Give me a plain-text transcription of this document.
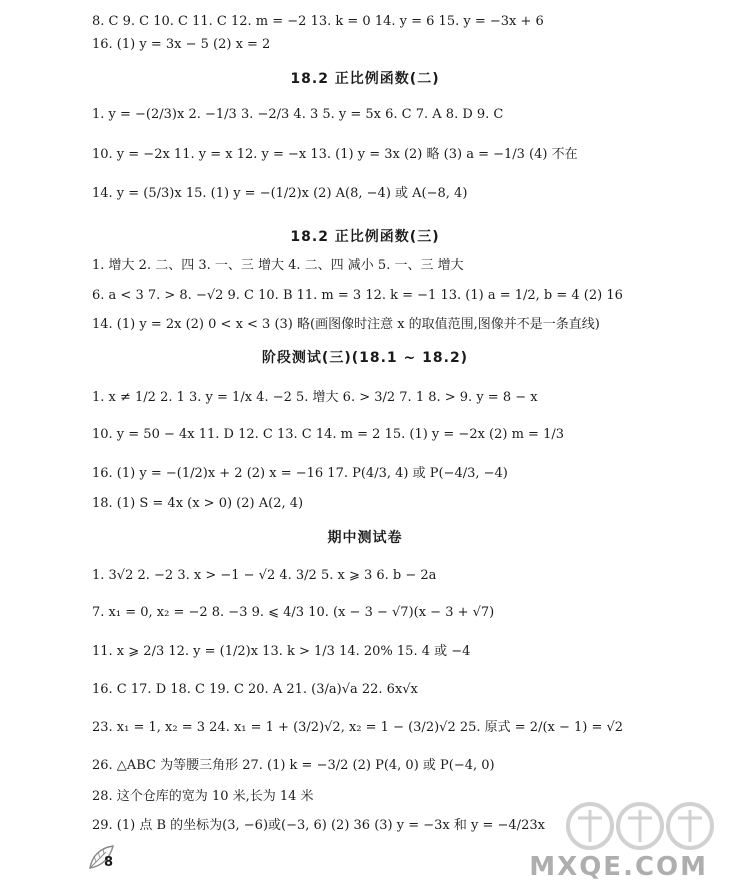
8. C 9. C 10. C 11. C 12. m = −2 13. k = 0 14. y = 6 15. y = −3x + 6
16. (1) y = 3x − 5 (2) x = 2
18.2 正比例函数(二)
1. y = −(2/3)x 2. −1/3 3. −2/3 4. 3 5. y = 5x 6. C 7. A 8. D 9. C
10. y = −2x 11. y = x 12. y = −x 13. (1) y = 3x (2) 略 (3) a = −1/3 (4) 不在
14. y = (5/3)x 15. (1) y = −(1/2)x (2) A(8, −4) 或 A(−8, 4)
18.2 正比例函数(三)
1. 增大 2. 二、四 3. 一、三 增大 4. 二、四 减小 5. 一、三 增大
6. a < 3 7. > 8. −√2 9. C 10. B 11. m = 3 12. k = −1 13. (1) a = 1/2, b = 4 (2) 16
14. (1) y = 2x (2) 0 < x < 3 (3) 略(画图像时注意 x 的取值范围,图像并不是一条直线)
阶段测试(三)(18.1 ~ 18.2)
1. x ≠ 1/2 2. 1 3. y = 1/x 4. −2 5. 增大 6. > 3/2 7. 1 8. > 9. y = 8 − x
10. y = 50 − 4x 11. D 12. C 13. C 14. m = 2 15. (1) y = −2x (2) m = 1/3
16. (1) y = −(1/2)x + 2 (2) x = −16 17. P(4/3, 4) 或 P(−4/3, −4)
18. (1) S = 4x (x > 0) (2) A(2, 4)
期中测试卷
1. 3√2 2. −2 3. x > −1 − √2 4. 3/2 5. x ⩾ 3 6. b − 2a
7. x₁ = 0, x₂ = −2 8. −3 9. ⩽ 4/3 10. (x − 3 − √7)(x − 3 + √7)
11. x ⩾ 2/3 12. y = (1/2)x 13. k > 1/3 14. 20% 15. 4 或 −4
16. C 17. D 18. C 19. C 20. A 21. (3/a)√a 22. 6x√x
23. x₁ = 1, x₂ = 3 24. x₁ = 1 + (3/2)√2, x₂ = 1 − (3/2)√2 25. 原式 = 2/(x − 1) = √2
26. △ABC 为等腰三角形 27. (1) k = −3/2 (2) P(4, 0) 或 P(−4, 0)
28. 这个仓库的宽为 10 米,长为 14 米
29. (1) 点 B 的坐标为(3, −6)或(−3, 6) (2) 36 (3) y = −3x 和 y = −4/23x
8	MXQE.COM
